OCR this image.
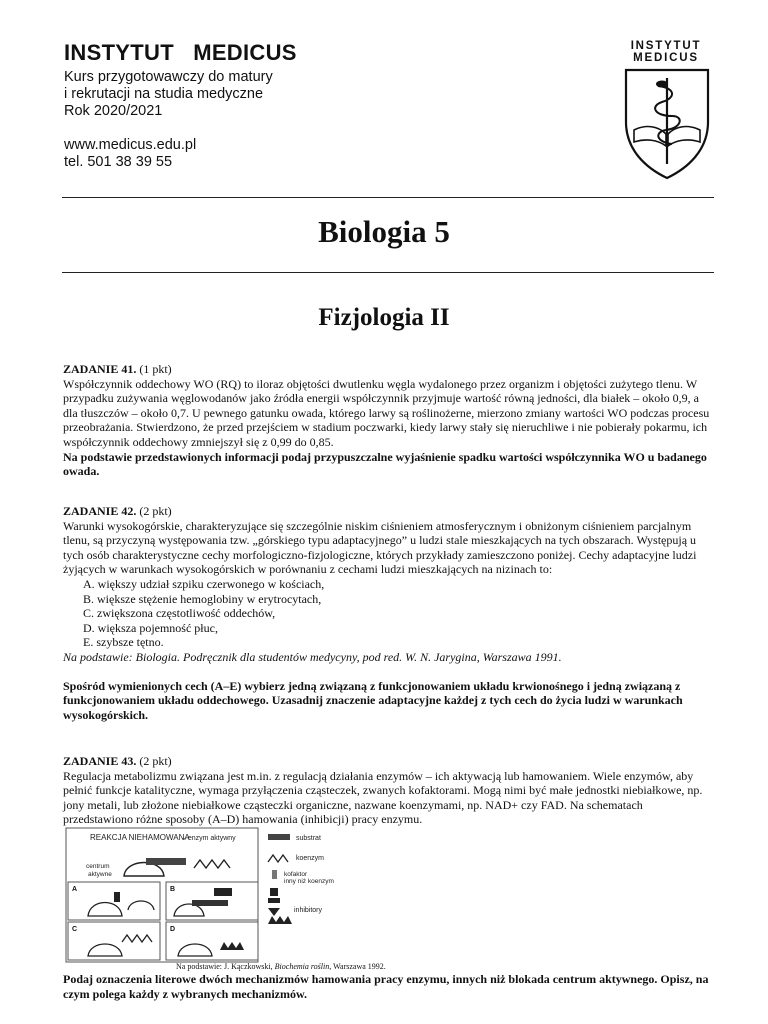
INSTYTUT   MEDICUS
Kurs przygotowawczy do matury
i rekrutacji na studia medyczne
Rok 2020/2021
www.medicus.edu.pl
tel. 501 38 39 55
INSTYTUT
MEDICUS
Biologia 5
Fizjologia II

ZADANIE 41. (1 pkt)

Współczynnik oddechowy WO (RQ) to iloraz objętości dwutlenku węgla wydalonego przez organizm i objętości zużytego tlenu. W przypadku zużywania węglowodanów jako źródła energii współczynnik przyjmuje wartość równą jedności, dla białek – około 0,9, a dla tłuszczów – około 0,7. U pewnego gatunku owada, którego larwy są roślinożerne, mierzono zmiany wartości WO podczas procesu przeobrażania. Stwierdzono, że przed przejściem w stadium poczwarki, kiedy larwy stały się nieruchliwe i nie pobierały pokarmu, ich współczynnik oddechowy zmniejszył się z 0,99 do 0,85.

Na podstawie przedstawionych informacji podaj przypuszczalne wyjaśnienie spadku wartości współczynnika WO u badanego owada.

ZADANIE 42. (2 pkt)

Warunki wysokogórskie, charakteryzujące się szczególnie niskim ciśnieniem atmosferycznym i obniżonym ciśnieniem parcjalnym tlenu, są przyczyną występowania tzw. „górskiego typu adaptacyjnego” u ludzi stale mieszkających na tych obszarach. Występują u tych osób charakterystyczne cechy morfologiczno-fizjologiczne, których przykłady zamieszczono poniżej. Cechy adaptacyjne ludzi żyjących w warunkach wysokogórskich w porównaniu z cechami ludzi mieszkających na nizinach to:

A. większy udział szpiku czerwonego w kościach,
B. większe stężenie hemoglobiny w erytrocytach,
C. zwiększona częstotliwość oddechów,
D. większa pojemność płuc,
E. szybsze tętno.

Na podstawie: Biologia. Podręcznik dla studentów medycyny, pod red. W. N. Jarygina, Warszawa 1991.

Spośród wymienionych cech (A–E) wybierz jedną związaną z funkcjonowaniem układu krwionośnego i jedną związaną z funkcjonowaniem układu oddechowego. Uzasadnij znaczenie adaptacyjne każdej z tych cech do życia ludzi w warunkach wysokogórskich.

ZADANIE 43. (2 pkt)

Regulacja metabolizmu związana jest m.in. z regulacją działania enzymów – ich aktywacją lub hamowaniem. Wiele enzymów, aby pełnić funkcje katalityczne, wymaga przyłączenia cząsteczek, zwanych kofaktorami. Mogą nimi być małe jednostki niebiałkowe, np. jony metali, lub złożone niebiałkowe cząsteczki organiczne, nazwane koenzymami, np. NAD+ czy FAD. Na schematach przedstawiono różne sposoby (A–D) hamowania (inhibicji) pracy enzymu.

REAKCJA NIEHAMOWANA
– enzym aktywny
centrum
aktywne
A	B
C	D
substrat
koenzym
kofaktor
inny niż koenzym
inhibitory
Na podstawie: J. Kączkowski, Biochemia roślin, Warszawa 1992.
Podaj oznaczenia literowe dwóch mechanizmów hamowania pracy enzymu, innych niż blokada centrum aktywnego. Opisz, na czym polega każdy z wybranych mechanizmów.
